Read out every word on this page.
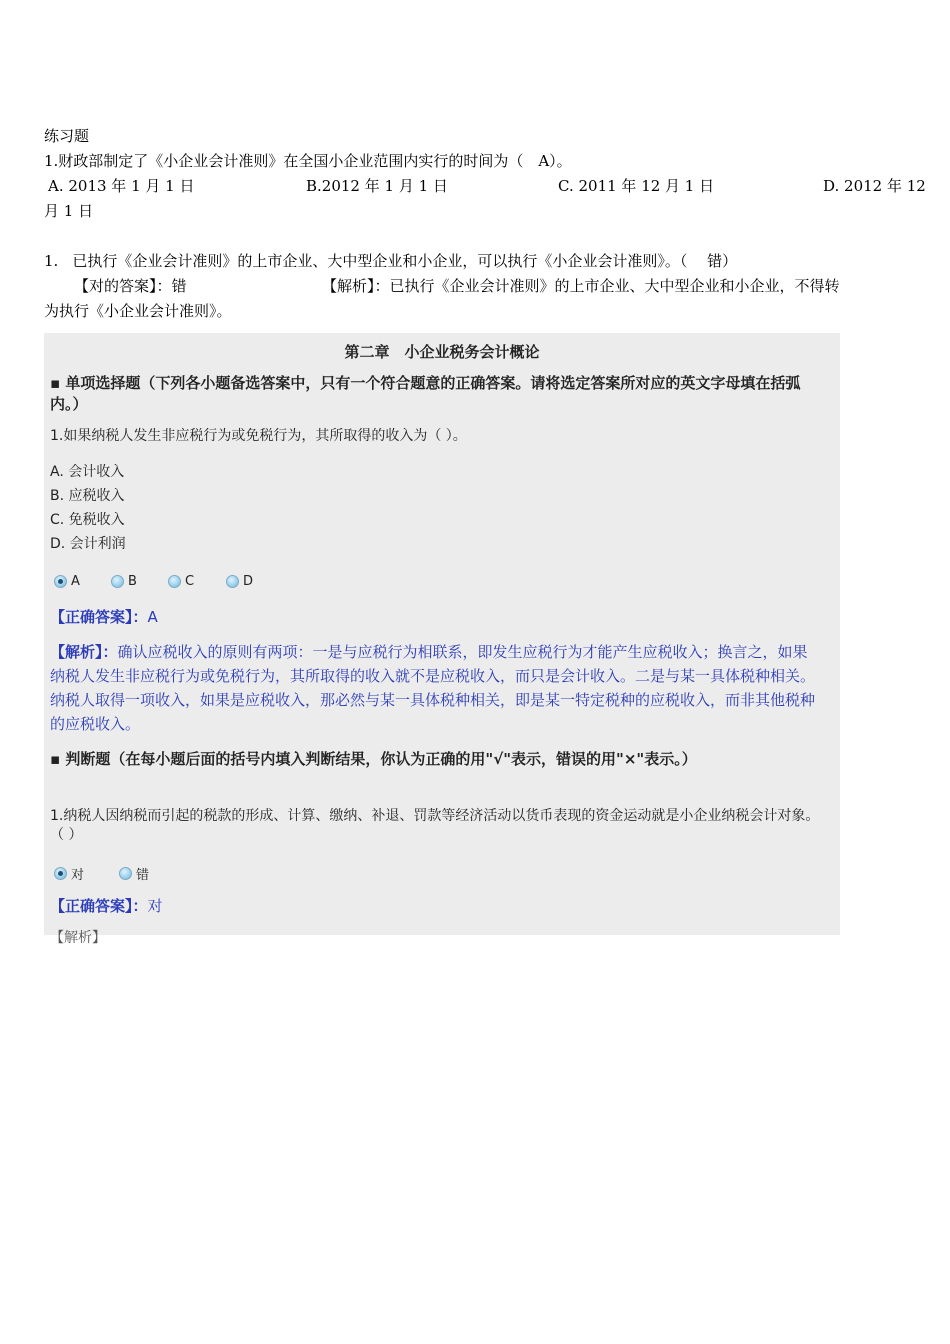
练习题
1.财政部制定了《小企业会计准则》在全国小企业范围内实行的时间为（　A）。
A. 2013 年 1 月 1 日	B.2012 年 1 月 1 日	C. 2011 年 12 月 1 日	D. 2012 年 12
月 1 日
1. 已执行《企业会计准则》的上市企业、大中型企业和小企业，可以执行《小企业会计准则》。（　 错）
【对的答案】：错	【解析】：已执行《企业会计准则》的上市企业、大中型企业和小企业，不得转
为执行《小企业会计准则》。
第二章　小企业税务会计概论
▪ 单项选择题（下列各小题备选答案中，只有一个符合题意的正确答案。请将选定答案所对应的英文字母填在括弧内。）
1.如果纳税人发生非应税行为或免税行为，其所取得的收入为（ ）。
A. 会计收入
B. 应税收入
C. 免税收入
D. 会计利润
A	B	C	D
【正确答案】：A
【解析】：确认应税收入的原则有两项：一是与应税行为相联系，即发生应税行为才能产生应税收入；换言之，如果纳税人发生非应税行为或免税行为，其所取得的收入就不是应税收入，而只是会计收入。二是与某一具体税种相关。纳税人取得一项收入，如果是应税收入，那必然与某一具体税种相关，即是某一特定税种的应税收入，而非其他税种的应税收入。
▪ 判断题（在每小题后面的括号内填入判断结果，你认为正确的用"√"表示，错误的用"×"表示。）
1.纳税人因纳税而引起的税款的形成、计算、缴纳、补退、罚款等经济活动以货币表现的资金运动就是小企业纳税会计对象。（ ）
对	错
【正确答案】：对
【解析】
